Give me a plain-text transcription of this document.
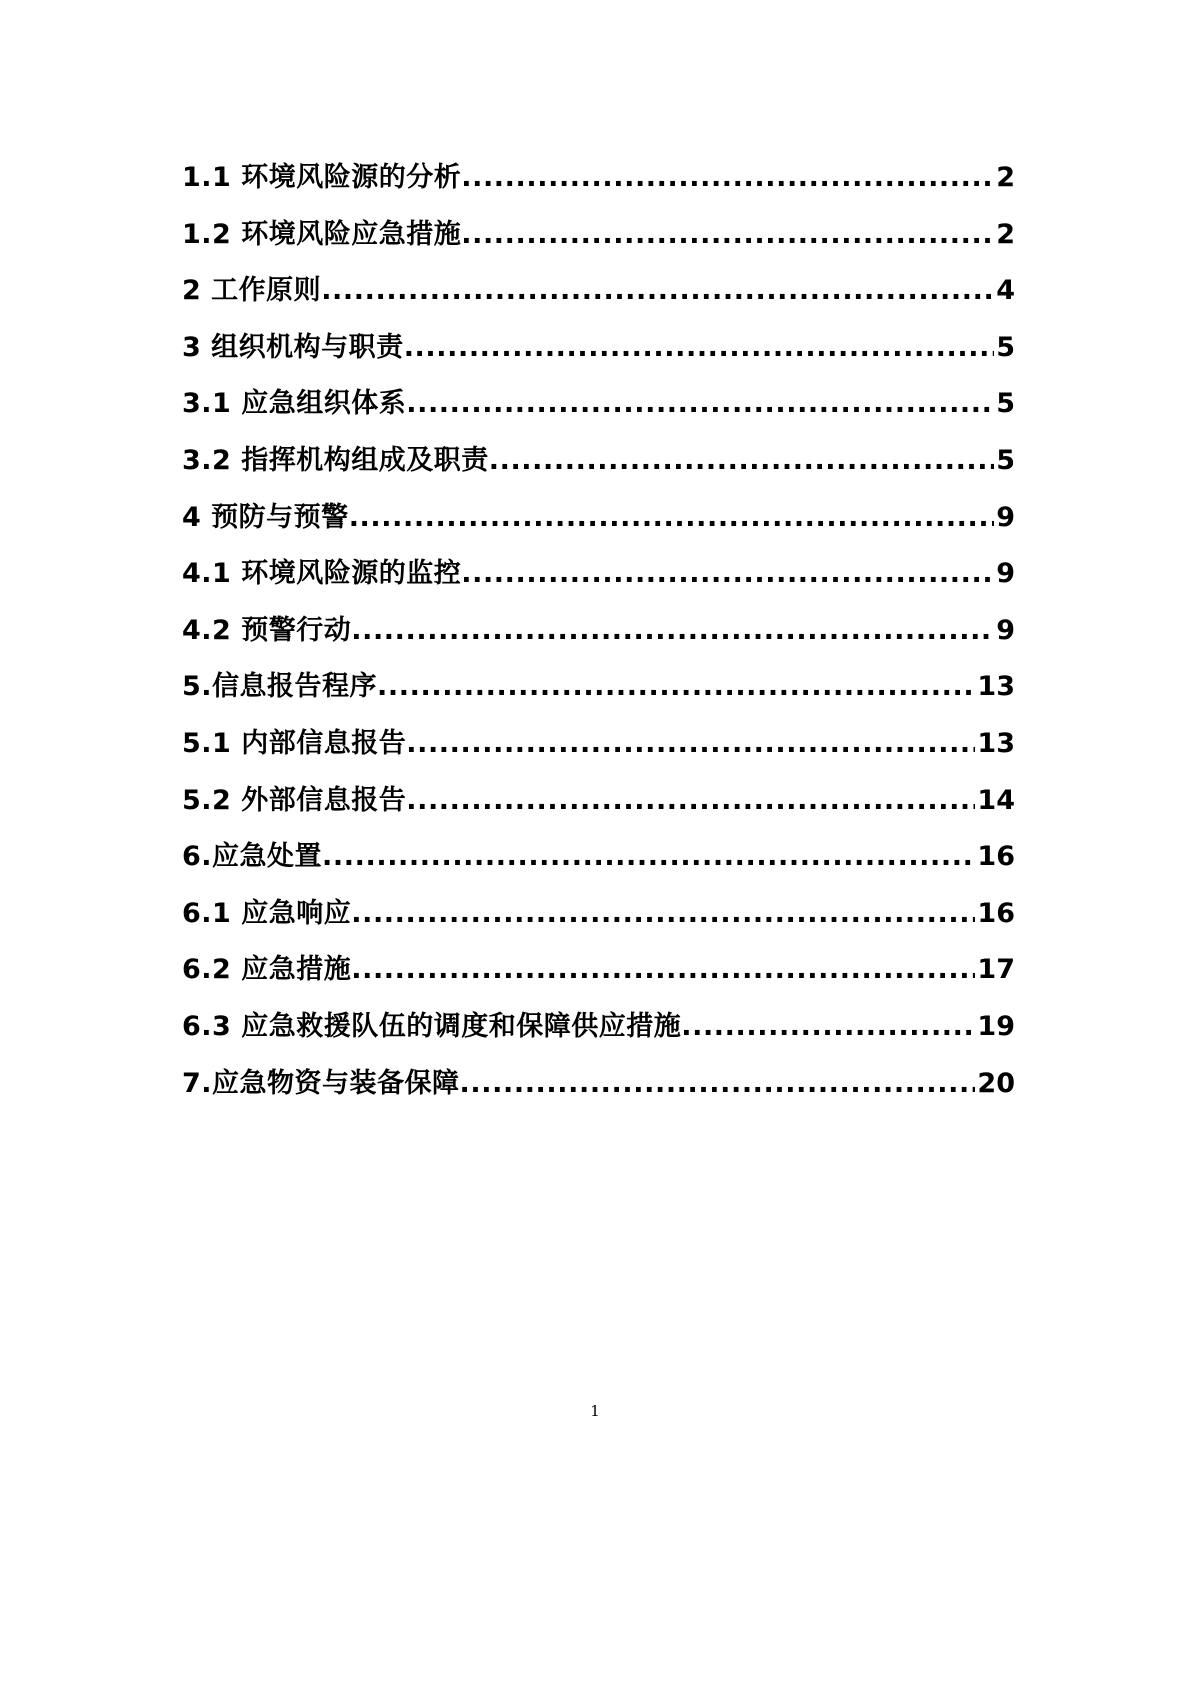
1.1 环境风险源的分析 .....	2
1.2 环境风险应急措施 .....	2
2 工作原则 .....	4
3 组织机构与职责 .....	5
3.1 应急组织体系 .....	5
3.2 指挥机构组成及职责 .....	5
4 预防与预警 .....	9
4.1 环境风险源的监控 .....	9
4.2 预警行动 .....	9
5.信息报告程序 .....	13
5.1 内部信息报告 .....	13
5.2 外部信息报告 .....	14
6.应急处置 .....	16
6.1 应急响应 .....	16
6.2 应急措施 .....	17
6.3 应急救援队伍的调度和保障供应措施 .....	19
7.应急物资与装备保障 .....	20
1
